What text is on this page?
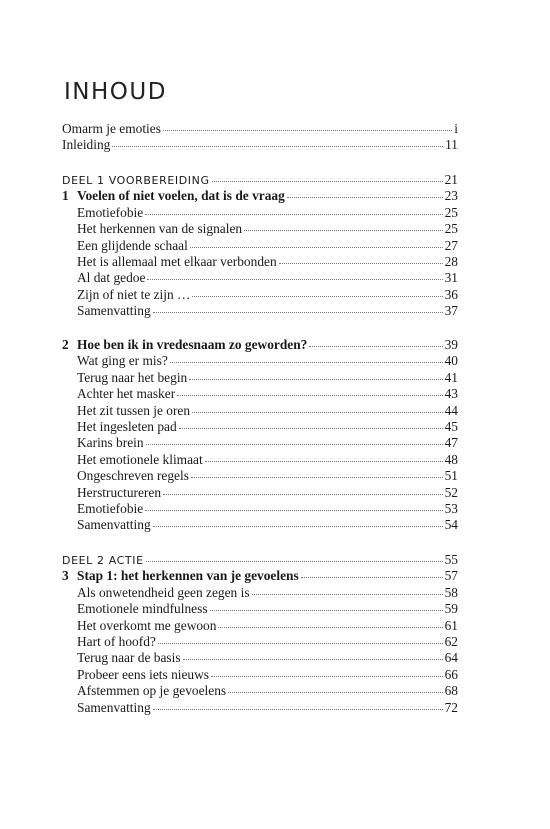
INHOUD
Omarm je emoties	i
Inleiding	11
DEEL 1 VOORBEREIDING	21
1 Voelen of niet voelen, dat is de vraag	23
Emotiefobie	25
Het herkennen van de signalen	25
Een glijdende schaal	27
Het is allemaal met elkaar verbonden	28
Al dat gedoe	31
Zijn of niet te zijn …	36
Samenvatting	37
2 Hoe ben ik in vredesnaam zo geworden?	39
Wat ging er mis?	40
Terug naar het begin	41
Achter het masker	43
Het zit tussen je oren	44
Het ingesleten pad	45
Karins brein	47
Het emotionele klimaat	48
Ongeschreven regels	51
Herstructureren	52
Emotiefobie	53
Samenvatting	54
DEEL 2 ACTIE	55
3 Stap 1: het herkennen van je gevoelens	57
Als onwetendheid geen zegen is	58
Emotionele mindfulness	59
Het overkomt me gewoon	61
Hart of hoofd?	62
Terug naar de basis	64
Probeer eens iets nieuws	66
Afstemmen op je gevoelens	68
Samenvatting	72
